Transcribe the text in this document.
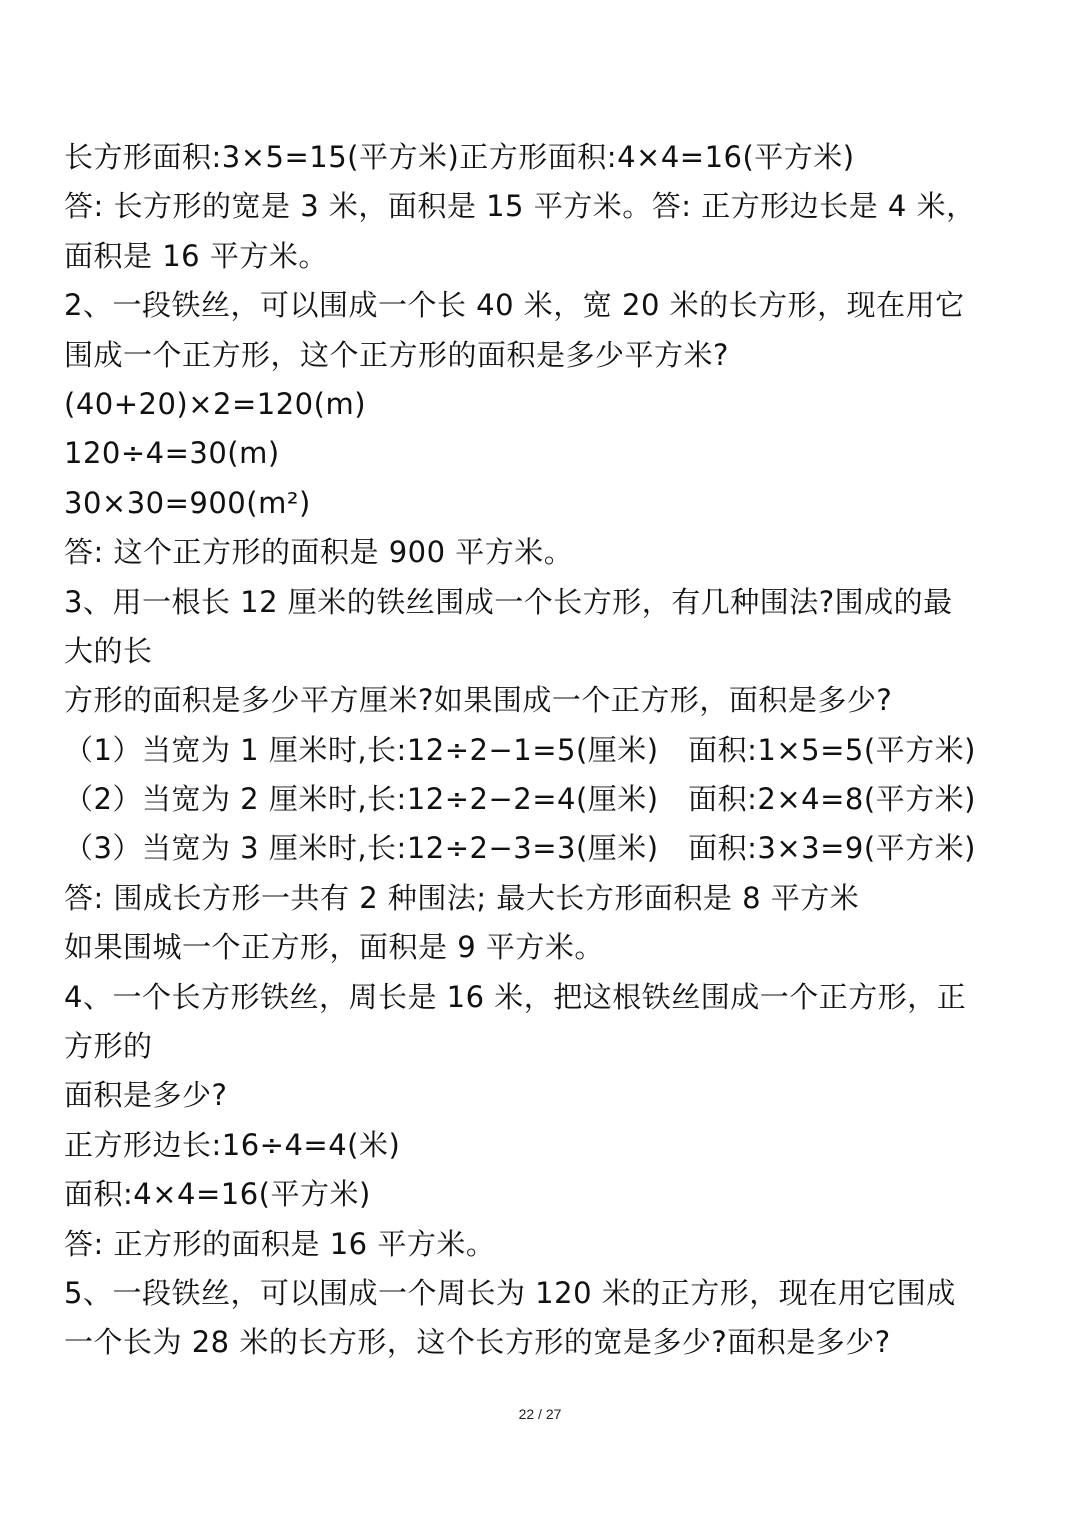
长方形面积:3×5=15(平方米)正方形面积:4×4=16(平方米)
答: 长方形的宽是 3 米，面积是 15 平方米。答: 正方形边长是 4 米，
面积是 16 平方米。
2、一段铁丝，可以围成一个长 40 米，宽 20 米的长方形，现在用它
围成一个正方形，这个正方形的面积是多少平方米?
(40+20)×2=120(m)
120÷4=30(m)
30×30=900(m²)
答: 这个正方形的面积是 900 平方米。
3、用一根长 12 厘米的铁丝围成一个长方形，有几种围法?围成的最
大的长
方形的面积是多少平方厘米?如果围成一个正方形，面积是多少?
（1）当宽为 1 厘米时,长:12÷2−1=5(厘米)　面积:1×5=5(平方米)
（2）当宽为 2 厘米时,长:12÷2−2=4(厘米)　面积:2×4=8(平方米)
（3）当宽为 3 厘米时,长:12÷2−3=3(厘米)　面积:3×3=9(平方米)
答: 围成长方形一共有 2 种围法; 最大长方形面积是 8 平方米
如果围城一个正方形，面积是 9 平方米。
4、一个长方形铁丝，周长是 16 米，把这根铁丝围成一个正方形，正
方形的
面积是多少?
正方形边长:16÷4=4(米)
面积:4×4=16(平方米)
答: 正方形的面积是 16 平方米。
5、一段铁丝，可以围成一个周长为 120 米的正方形，现在用它围成
一个长为 28 米的长方形，这个长方形的宽是多少?面积是多少?
22 / 27
